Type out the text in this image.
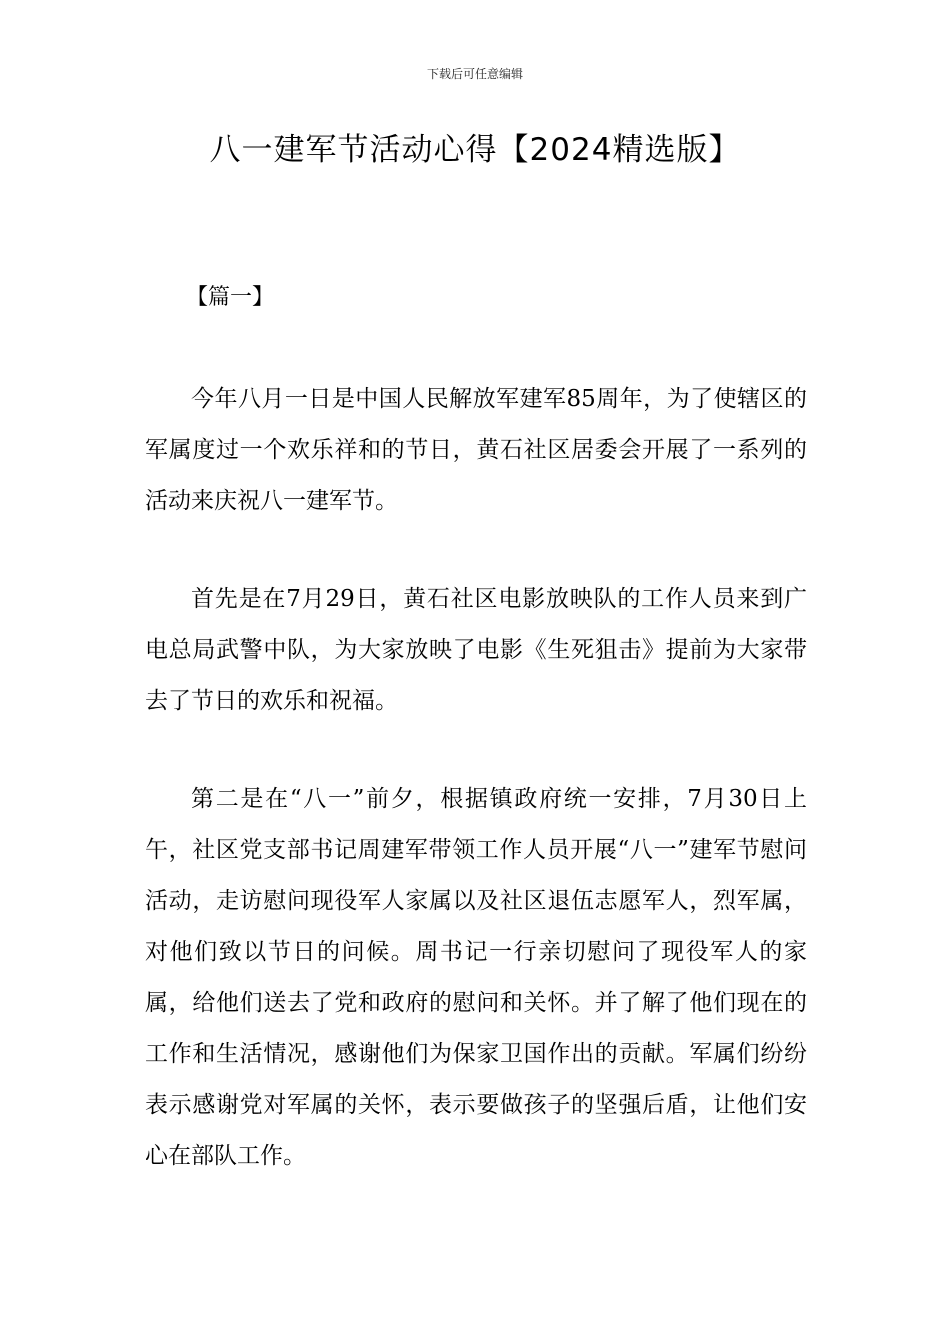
下载后可任意编辑
八一建军节活动心得【2024精选版】
【篇一】

今年八月一日是中国人民解放军建军85周年，为了使辖区的军属度过一个欢乐祥和的节日，黄石社区居委会开展了一系列的活动来庆祝八一建军节。

首先是在7月29日，黄石社区电影放映队的工作人员来到广电总局武警中队，为大家放映了电影《生死狙击》提前为大家带去了节日的欢乐和祝福。

第二是在“八一”前夕，根据镇政府统一安排，7月30日上午，社区党支部书记周建军带领工作人员开展“八一”建军节慰问活动，走访慰问现役军人家属以及社区退伍志愿军人，烈军属，对他们致以节日的问候。周书记一行亲切慰问了现役军人的家属，给他们送去了党和政府的慰问和关怀。并了解了他们现在的工作和生活情况，感谢他们为保家卫国作出的贡献。军属们纷纷表示感谢党对军属的关怀，表示要做孩子的坚强后盾，让他们安心在部队工作。
